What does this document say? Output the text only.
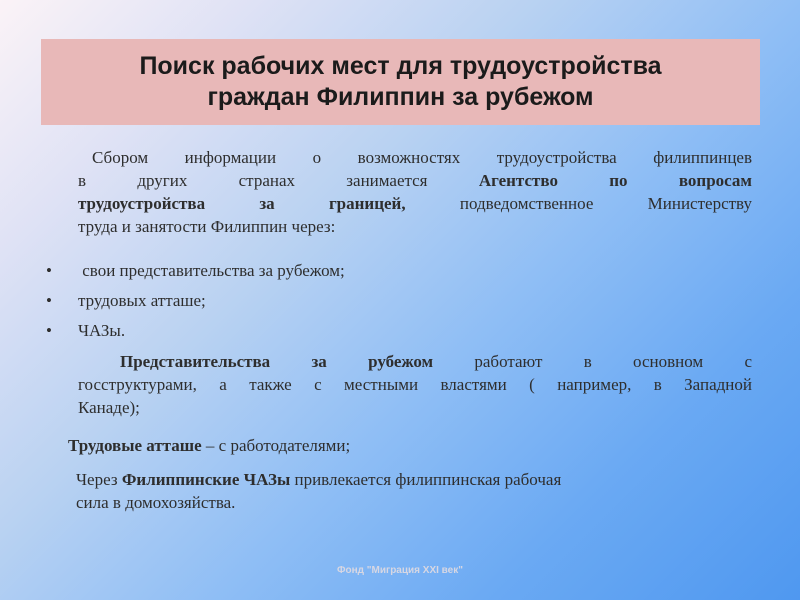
Поиск рабочих мест для трудоустройства
граждан Филиппин за рубежом
Сбором информации о возможностях трудоустройства филиппинцев
в других странах занимается	Агентство по вопросам
трудоустройства за границей,	подведомственное Министерству
труда и занятости Филиппин через:
• свои представительства за рубежом;
• трудовых атташе;
• ЧАЗы.
Представительства за рубежом работают в основном с
госструктурами, а также с местными властями ( например, в Западной
Канаде);
Трудовые атташе – с работодателями;
Через Филиппинские ЧАЗы привлекается филиппинская рабочая
сила в домохозяйства.
Фонд "Миграция XXI век"
